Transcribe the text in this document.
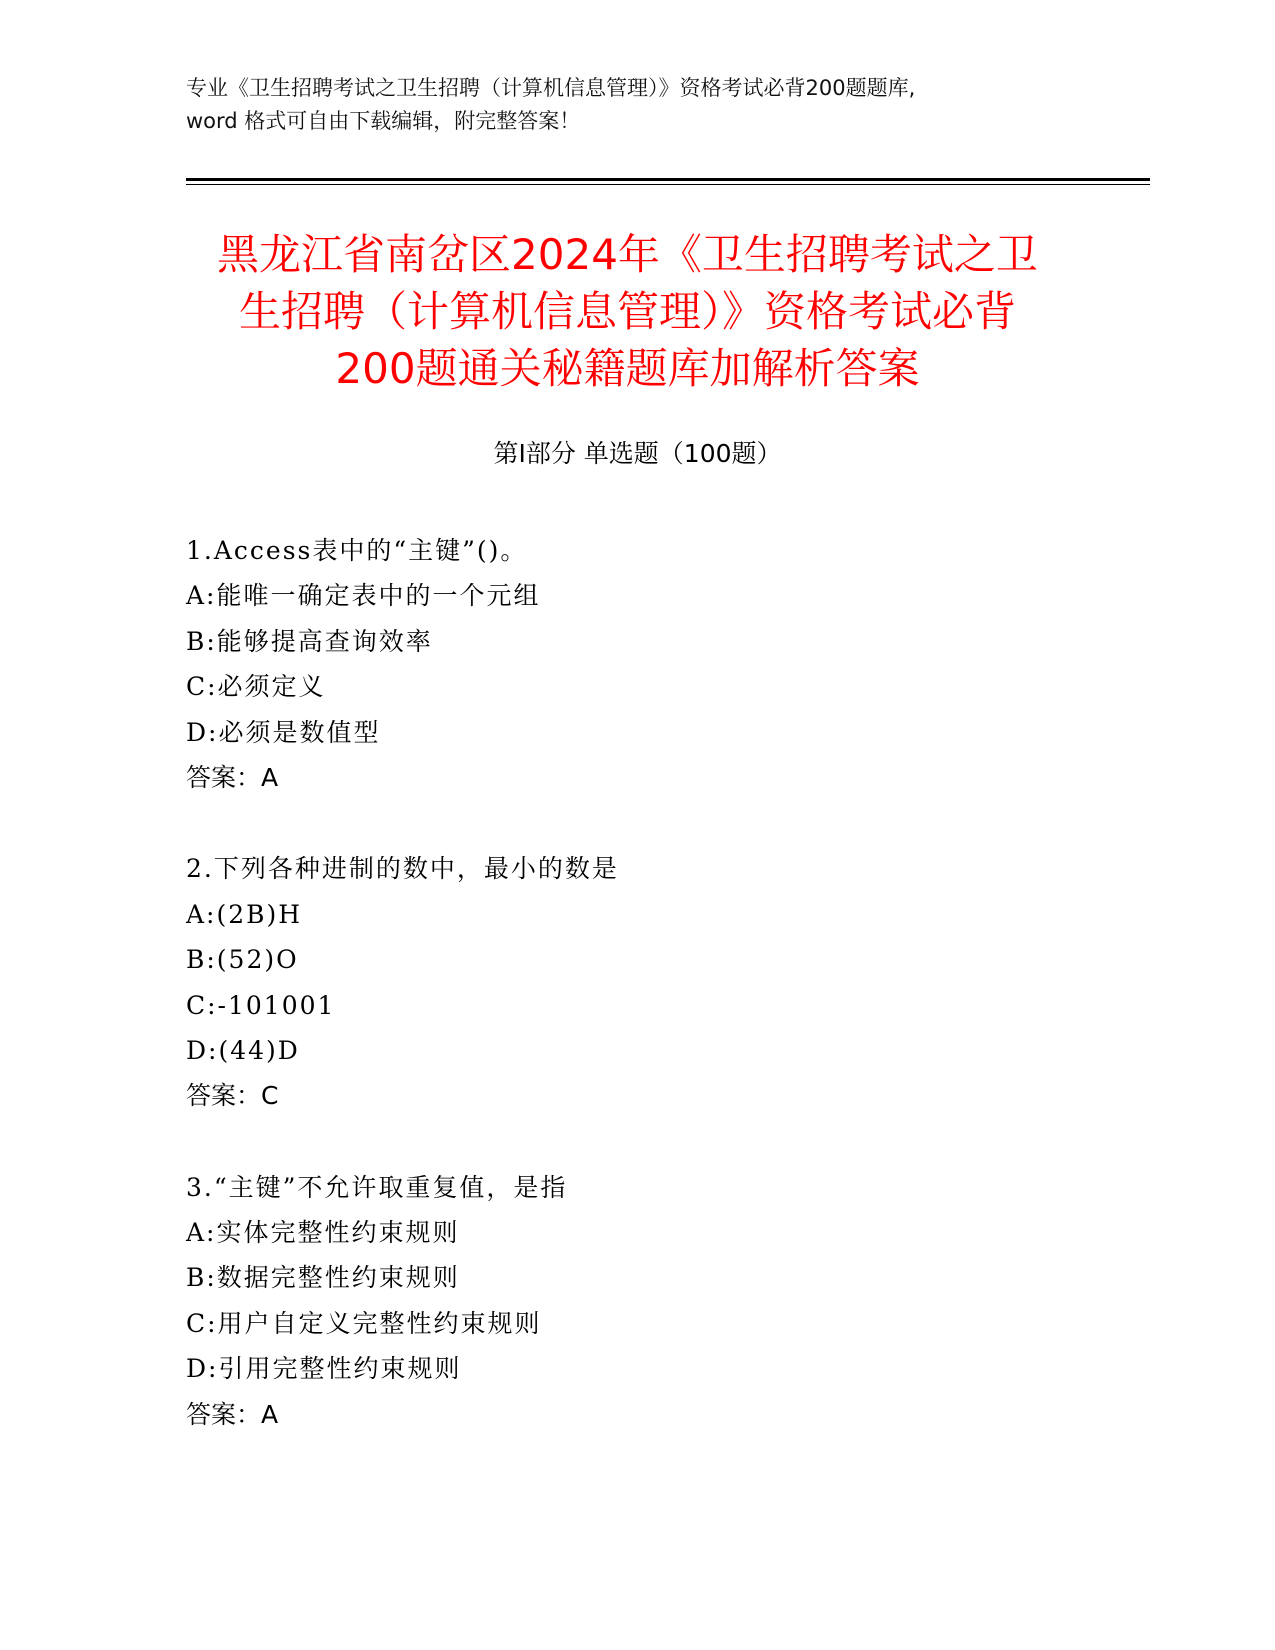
专业《卫生招聘考试之卫生招聘（计算机信息管理）》资格考试必背200题题库,
word 格式可自由下载编辑，附完整答案！
黑龙江省南岔区2024年《卫生招聘考试之卫
生招聘（计算机信息管理）》资格考试必背
200题通关秘籍题库加解析答案
第Ⅰ部分 单选题（100题）
1.Access表中的“主键”()。
A:能唯一确定表中的一个元组
B:能够提高查询效率
C:必须定义
D:必须是数值型
答案：A
2.下列各种进制的数中，最小的数是
A:(2B)H
B:(52)O
C:-101001
D:(44)D
答案：C
3.“主键”不允许取重复值，是指
A:实体完整性约束规则
B:数据完整性约束规则
C:用户自定义完整性约束规则
D:引用完整性约束规则
答案：A
